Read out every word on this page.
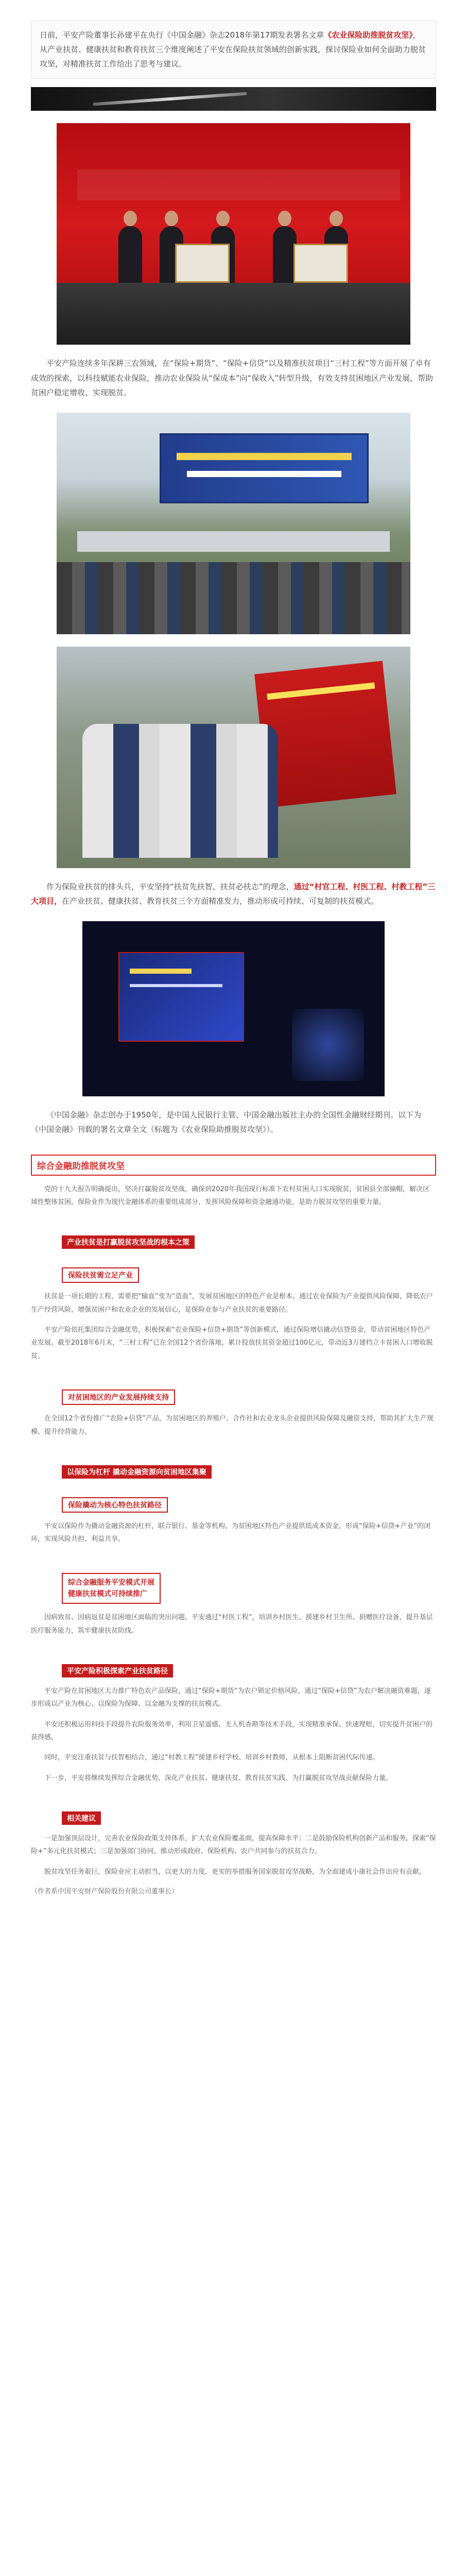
日前，平安产险董事长孙建平在央行《中国金融》杂志2018年第17期发表署名文章《农业保险助推脱贫攻坚》，从产业扶贫、健康扶贫和教育扶贫三个维度阐述了平安在保险扶贫领域的创新实践，探讨保险业如何全面助力脱贫攻坚，对精准扶贫工作给出了思考与建议。
平安产险连续多年深耕三农领域，在“保险+期货”、“保险+信贷”以及精准扶贫项目“三村工程”等方面开展了卓有成效的探索，以科技赋能农业保险，推动农业保险从“保成本”向“保收入”转型升级，有效支持贫困地区产业发展，帮助贫困户稳定增收、实现脱贫。
作为保险业扶贫的排头兵，平安坚持“扶贫先扶智、扶贫必扶志”的理念，通过“村官工程、村医工程、村教工程”三大项目，在产业扶贫、健康扶贫、教育扶贫三个方面精准发力，推动形成可持续、可复制的扶贫模式。
《中国金融》杂志创办于1950年，是中国人民银行主管、中国金融出版社主办的全国性金融财经期刊。以下为《中国金融》刊载的署名文章全文（标题为《农业保险助推脱贫攻坚》）。
综合金融助推脱贫攻坚
党的十九大报告明确提出，坚决打赢脱贫攻坚战，确保到2020年我国现行标准下农村贫困人口实现脱贫，贫困县全部摘帽，解决区域性整体贫困。保险业作为现代金融体系的重要组成部分，发挥风险保障和资金融通功能，是助力脱贫攻坚的重要力量。
产业扶贫是打赢脱贫攻坚战的根本之策
保险扶贫需立足产业
扶贫是一项长期的工程，需要把“输血”变为“造血”，发展贫困地区的特色产业是根本。通过农业保险为产业提供风险保障，降低农户生产经营风险，增强贫困户和农业企业的发展信心，是保险业参与产业扶贫的重要路径。
平安产险依托集团综合金融优势，积极探索“农业保险+信贷+期货”等创新模式，通过保险增信撬动信贷资金，带动贫困地区特色产业发展。截至2018年6月末，“三村工程”已在全国12个省份落地，累计投放扶贫资金超过100亿元，带动近3万建档立卡贫困人口增收脱贫。
对贫困地区的产业发展持续支持
在全国12个省份推广“农险+信贷”产品，为贫困地区的养殖户、合作社和农业龙头企业提供风险保障及融资支持，帮助其扩大生产规模、提升经营能力。
以保险为杠杆 撬动金融资源向贫困地区集聚
保险撬动为核心特色扶贫路径
平安以保险作为撬动金融资源的杠杆，联合银行、基金等机构，为贫困地区特色产业提供低成本资金，形成“保险+信贷+产业”的闭环，实现风险共担、利益共享。
综合金融服务平安模式开展
健康扶贫模式可持续推广
因病致贫、因病返贫是贫困地区面临的突出问题。平安通过“村医工程”，培训乡村医生、援建乡村卫生所、捐赠医疗设备，提升基层医疗服务能力，筑牢健康扶贫防线。
平安产险积极探索产业扶贫路径
平安产险在贫困地区大力推广特色农产品保险，通过“保险+期货”为农户锁定价格风险，通过“保险+信贷”为农户解决融资难题，逐步形成以产业为核心、以保险为保障、以金融为支撑的扶贫模式。
平安还积极运用科技手段提升农险服务效率，利用卫星遥感、无人机查勘等技术手段，实现精准承保、快速理赔，切实提升贫困户的获得感。
同时，平安注重扶贫与扶智相结合，通过“村教工程”援建乡村学校、培训乡村教师，从根本上阻断贫困代际传递。
下一步，平安将继续发挥综合金融优势，深化产业扶贫、健康扶贫、教育扶贫实践，为打赢脱贫攻坚战贡献保险力量。
相关建议
一是加强顶层设计，完善农业保险政策支持体系，扩大农业保险覆盖面，提高保障水平；二是鼓励保险机构创新产品和服务，探索“保险+”多元化扶贫模式；三是加强部门协同，推动形成政府、保险机构、农户共同参与的扶贫合力。
脱贫攻坚任务艰巨，保险业应主动担当，以更大的力度、更实的举措服务国家脱贫攻坚战略，为全面建成小康社会作出应有贡献。
（作者系中国平安财产保险股份有限公司董事长）
